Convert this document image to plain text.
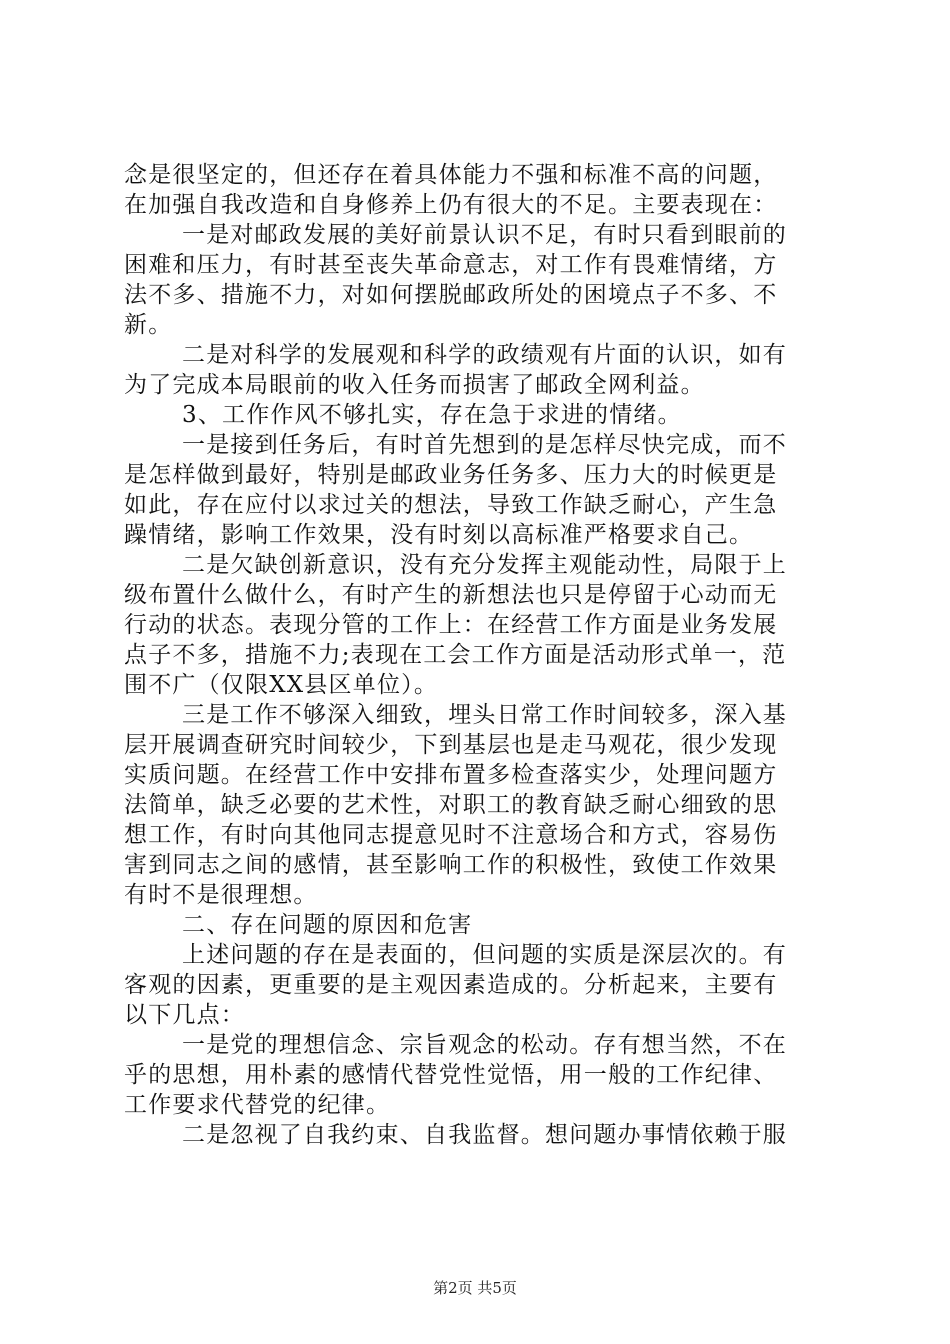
念是很坚定的，但还存在着具体能力不强和标准不高的问题，
在加强自我改造和自身修养上仍有很大的不足。主要表现在：
一是对邮政发展的美好前景认识不足，有时只看到眼前的
困难和压力，有时甚至丧失革命意志，对工作有畏难情绪，方
法不多、措施不力，对如何摆脱邮政所处的困境点子不多、不
新。
二是对科学的发展观和科学的政绩观有片面的认识，如有
为了完成本局眼前的收入任务而损害了邮政全网利益。
3、工作作风不够扎实，存在急于求进的情绪。
一是接到任务后，有时首先想到的是怎样尽快完成，而不
是怎样做到最好，特别是邮政业务任务多、压力大的时候更是
如此，存在应付以求过关的想法，导致工作缺乏耐心，产生急
躁情绪，影响工作效果，没有时刻以高标准严格要求自己。
二是欠缺创新意识，没有充分发挥主观能动性，局限于上
级布置什么做什么，有时产生的新想法也只是停留于心动而无
行动的状态。表现分管的工作上：在经营工作方面是业务发展
点子不多，措施不力;表现在工会工作方面是活动形式单一，范
围不广（仅限XX县区单位）。
三是工作不够深入细致，埋头日常工作时间较多，深入基
层开展调查研究时间较少，下到基层也是走马观花，很少发现
实质问题。在经营工作中安排布置多检查落实少，处理问题方
法简单，缺乏必要的艺术性，对职工的教育缺乏耐心细致的思
想工作，有时向其他同志提意见时不注意场合和方式，容易伤
害到同志之间的感情，甚至影响工作的积极性，致使工作效果
有时不是很理想。
二、存在问题的原因和危害
上述问题的存在是表面的，但问题的实质是深层次的。有
客观的因素，更重要的是主观因素造成的。分析起来，主要有
以下几点：
一是党的理想信念、宗旨观念的松动。存有想当然，不在
乎的思想，用朴素的感情代替党性觉悟，用一般的工作纪律、
工作要求代替党的纪律。
二是忽视了自我约束、自我监督。想问题办事情依赖于服
第2页 共5页
